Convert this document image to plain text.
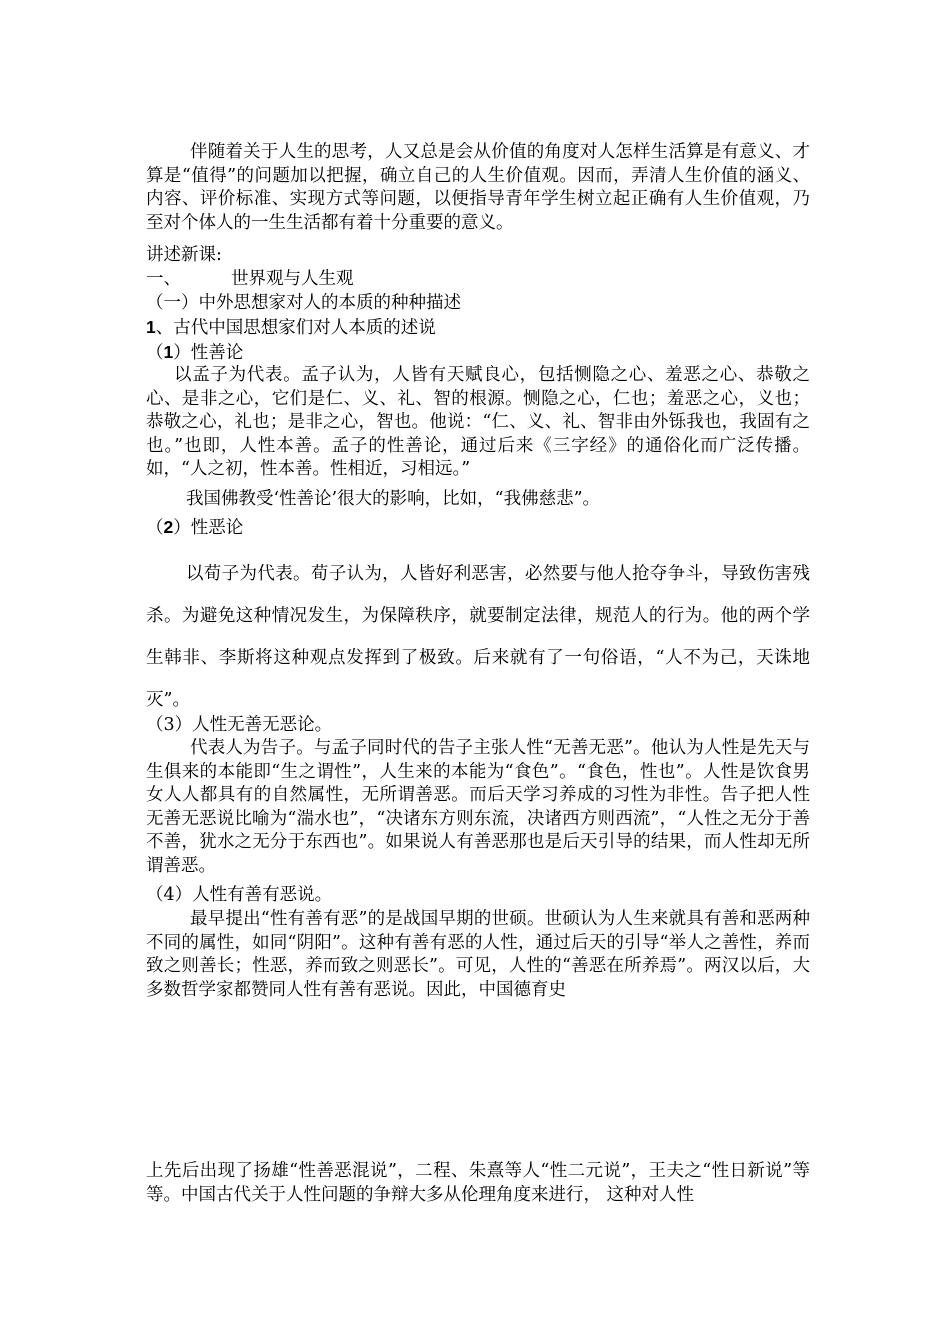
伴随着关于人生的思考，人又总是会从价值的角度对人怎样生活算是有意义、才算是“值得”的问题加以把握，确立自己的人生价值观。因而，弄清人生价值的涵义、内容、评价标准、实现方式等问题，以便指导青年学生树立起正确有人生价值观，乃至对个体人的一生生活都有着十分重要的意义。

讲述新课:
一、	世界观与人生观
（一）中外思想家对人的本质的种种描述
1、古代中国思想家们对人本质的述说
（1）性善论

以孟子为代表。孟子认为，人皆有天赋良心，包括恻隐之心、羞恶之心、恭敬之心、是非之心，它们是仁、义、礼、智的根源。恻隐之心，仁也；羞恶之心，义也；恭敬之心，礼也；是非之心，智也。他说：“仁、义、礼、智非由外铄我也，我固有之也。”也即，人性本善。孟子的性善论，通过后来《三字经》的通俗化而广泛传播。如，“人之初，性本善。性相近，习相远。”

我国佛教受‘性善论’很大的影响，比如，“我佛慈悲”。

（2）性恶论

以荀子为代表。荀子认为，人皆好利恶害，必然要与他人抢夺争斗，导致伤害残杀。为避免这种情况发生，为保障秩序，就要制定法律，规范人的行为。他的两个学生韩非、李斯将这种观点发挥到了极致。后来就有了一句俗语，“人不为己，天诛地灭”。

（3）人性无善无恶论。

代表人为告子。与孟子同时代的告子主张人性“无善无恶”。他认为人性是先天与生俱来的本能即“生之谓性”，人生来的本能为“食色”。“食色，性也”。人性是饮食男女人人都具有的自然属性，无所谓善恶。而后天学习养成的习性为非性。告子把人性无善无恶说比喻为“湍水也”，“决诸东方则东流，决诸西方则西流”，“人性之无分于善不善，犹水之无分于东西也”。如果说人有善恶那也是后天引导的结果，而人性却无所谓善恶。

（4）人性有善有恶说。

最早提出“性有善有恶”的是战国早期的世硕。世硕认为人生来就具有善和恶两种不同的属性，如同“阴阳”。这种有善有恶的人性，通过后天的引导“举人之善性，养而致之则善长；性恶，养而致之则恶长”。可见，人性的“善恶在所养焉”。两汉以后，大多数哲学家都赞同人性有善有恶说。因此，中国德育史

上先后出现了扬雄“性善恶混说”，二程、朱熹等人“性二元说”，王夫之“性日新说”等等。中国古代关于人性问题的争辩大多从伦理角度来进行， 这种对人性
